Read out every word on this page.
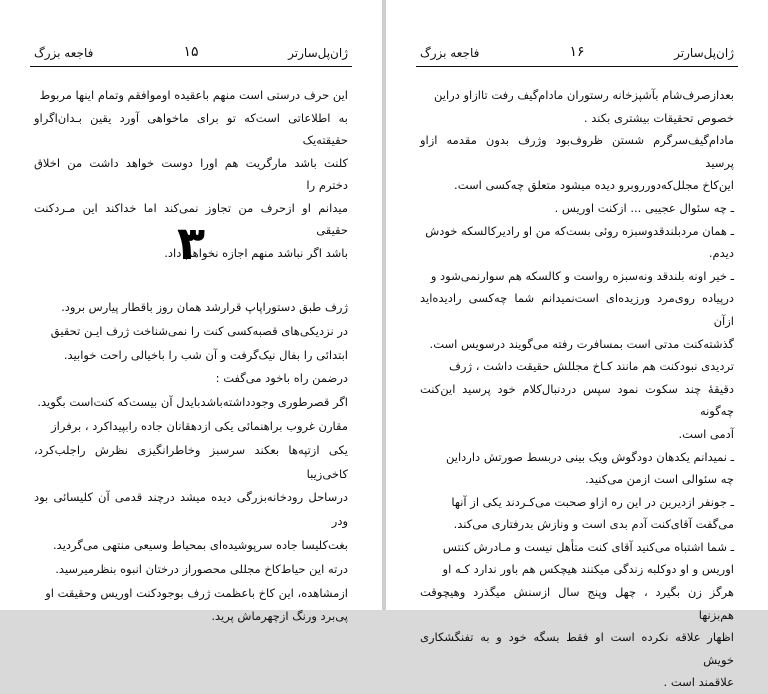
ژان‌پل‌سارتر
۱۵
فاجعه بزرگ

این حرف درستی است منهم باعقیده اوموافقم وتمام اینها مربوط

به اطلاعاتی است‌که تو برای ماخواهی آورد یقین بـدان‌اگراو حقیقته‌یک

کلنت باشد مارگریت هم اورا دوست خواهد داشت من اخلاق دخترم را

میدانم او ازحرف من تجاوز نمی‌کند اما خداکند این مـردکنت حقیقی

باشد اگر نباشد منهم اجازه نخواهم داد.

۳

ژرف طبق دستوراپاپ قرارشد همان روز باقطار پیارس برود.

در نزدیکی‌های قصبه‌کسی کنت را نمی‌شناخت ژرف ایـن تحقیق

ابتدائی را بفال نیک‌گرفت و آن شب را باخیالی راحت خوابید.

درضمن راه باخود می‌گفت :

اگر قصرطوری وجودداشته‌باشدبایدل آن بیست‌که کنت‌است بگوید.

مقارن غروب براهنمائی یکی ازدهقانان جاده رابپیداکرد ، برفراز

یکی ازتپه‌ها بعکند سرسبز وخاطرانگیزی نظرش راجلب‌کرد، کاخی‌زیبا

درساحل رودخانه‌بزرگی دیده میشد درچند قدمی آن کلیسائی بود ودر

بغت‌کلیسا جاده سرپوشیده‌ای بمحیاط وسیعی منتهی می‌گردید.

درته این حیاط‌کاخ مجللی محصوراز درختان انبوه بنظرمیرسید.

ازمشاهده، این کاخ باعظمت ژرف بوجودکنت اوریس وحقیقت او

پی‌برد ورنگ ازچهرماش پرید.

ژان‌پل‌سارتر
۱۶
فاجعه بزرگ

بعدازصرف‌شام بآشپزخانه رستوران مادام‌گیف رفت تاازاو دراین

خصوص تحقیقات بیشتری بکند .

مادام‌گیف‌سرگرم شستن ظروف‌بود وژرف بدون مقدمه ازاو پرسید

این‌کاخ مجلل‌که‌دورروبرو دیده میشود متعلق چه‌کسی است.

ـ چه سئوال عجیبی ... ازکنت اوریس .

ـ همان مردبلندقدوسبزه روئی بست‌که من او رادیرکالسکه خودش

دیدم.

ـ خیر اونه بلندقد ونه‌سبزه رواست و کالسکه هم سوارنمی‌شود و

درپیاده روی‌مرد ورزیده‌ای است‌نمیدانم شما چه‌کسی رادیده‌اید ازآن

گذشته‌کنت مدتی است بمسافرت رفته می‌گویند درسویس است.

تردیدی نبود‌کنت هم مانند کـاخ مجللش حقیقت داشت ، ژرف

دقیقهٔ چند سکوت نمود سپس دردنبال‌کلام خود پرسید این‌کنت چه‌گونه

آدمی است.

ـ نمیدانم یکدهان دودگوش ویک بینی دربسط صورتش دارداین

چه سئوالی است ازمن می‌کنید.

ـ جونفر ازدیرین در این ره ازاو صحبت می‌کـردند یکی از آنها

می‌گفت آقای‌کنت آدم بدی است و ونازش بدرفتاری می‌کند.

ـ شما اشتباه می‌کنید آقای کنت متأهل نیست و مـادرش کنتس

اوریس و او دوکلبه‌ زندگی میکنند هیچکس هم باور ندارد کـه او

هرگز زن بگیرد ، چهل وپنج سال ازسنش میگذرد وهیچوقت هم‌بزنها

اظهار علاقه نکرده است او فقط بسگه خود و به تفنگشکاری خویش

علاقمند است .
